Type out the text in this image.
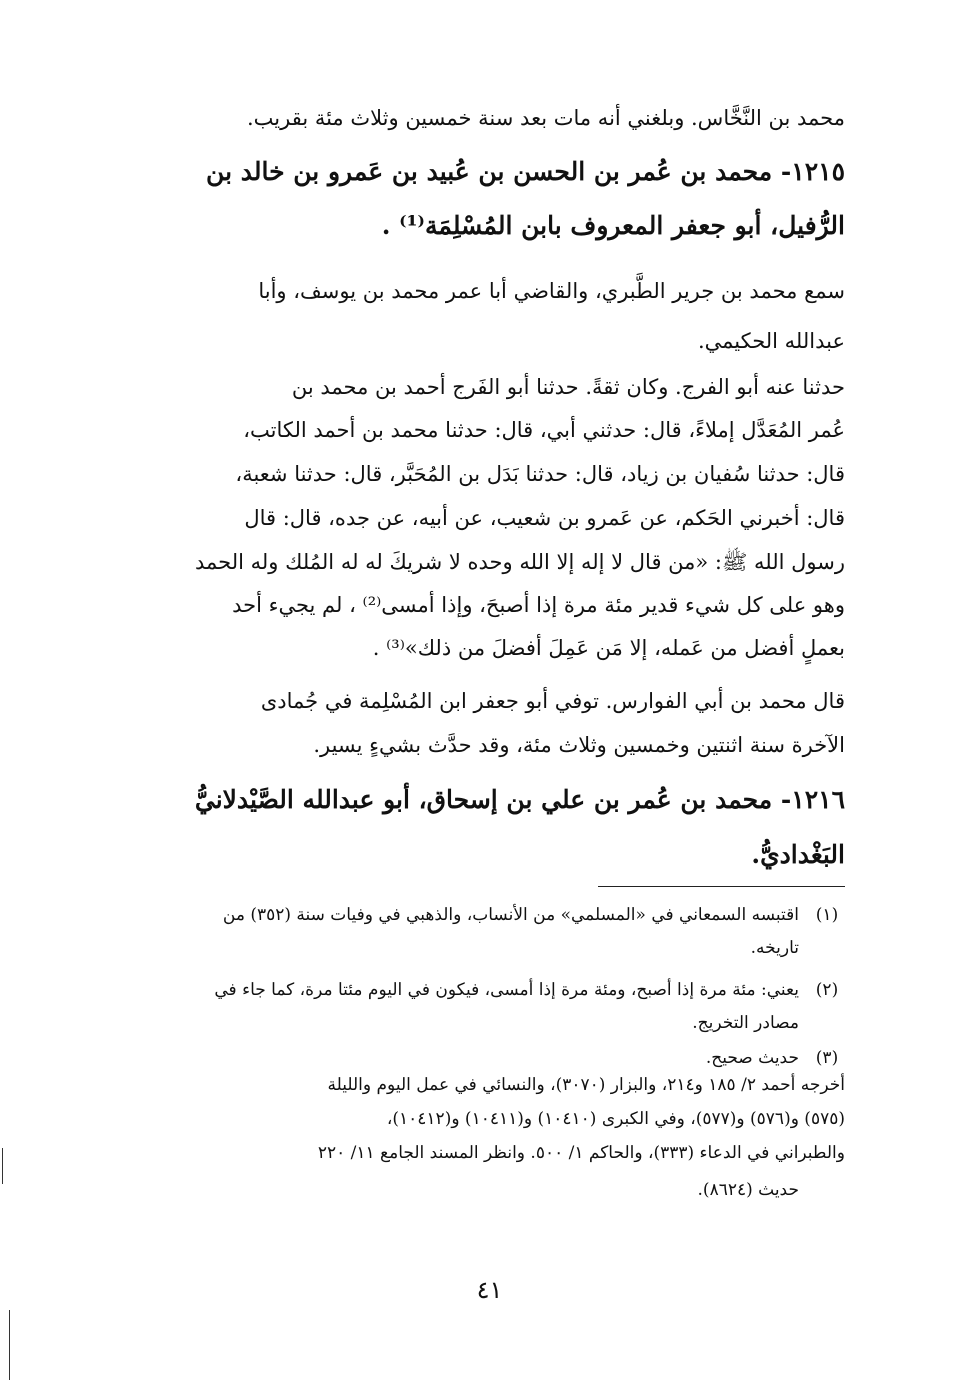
محمد بن النَّخَّاس. وبلغني أنه مات بعد سنة خمسين وثلاث مئة بقريب.
١٢١٥- محمد بن عُمر بن الحسن بن عُبيد بن عَمرو بن خالد بن
الرُّفيل، أبو جعفر المعروف بابن المُسْلِمَة⁽¹⁾ .
سمع محمد بن جرير الطَّبري، والقاضي أبا عمر محمد بن يوسف، وأبا
عبدالله الحكيمي.
حدثنا عنه أبو الفرج. وكان ثقةً. حدثنا أبو الفَرج أحمد بن محمد بن
عُمر المُعَدَّل إملاءً، قال: حدثني أبي، قال: حدثنا محمد بن أحمد الكاتب،
قال: حدثنا سُفيان بن زياد، قال: حدثنا بَدَل بن المُحَبَّر، قال: حدثنا شعبة،
قال: أخبرني الحَكم، عن عَمرو بن شعيب، عن أبيه، عن جده، قال: قال
رسول الله ﷺ: «من قال لا إله إلا الله وحده لا شريكَ له له المُلك وله الحمد
وهو على كل شيء قدير مئة مرة إذا أصبحَ، وإذا أمسى⁽²⁾ ، لم يجيء أحد
بعملٍ أفضل من عَمله، إلا مَن عَمِلَ أفضلَ من ذلك»⁽³⁾ .
قال محمد بن أبي الفوارس. توفي أبو جعفر ابن المُسْلِمة في جُمادى
الآخرة سنة اثنتين وخمسين وثلاث مئة، وقد حدَّث بشيءٍ يسير.
١٢١٦- محمد بن عُمر بن علي بن إسحاق، أبو عبدالله الصَّيْدلانيُّ
البَغْداديُّ.
(١)
اقتبسه السمعاني في «المسلمي» من الأنساب، والذهبي في وفيات سنة (٣٥٢) من
تاريخه.
(٢)
يعني: مئة مرة إذا أصبح، ومئة مرة إذا أمسى، فيكون في اليوم مئتا مرة، كما جاء في
مصادر التخريج.
(٣)
حديث صحيح.
أخرجه أحمد ٢/ ١٨٥ و٢١٤، والبزار (٣٠٧٠)، والنسائي في عمل اليوم والليلة
(٥٧٥) و(٥٧٦) و(٥٧٧)، وفي الكبرى (١٠٤١٠) و(١٠٤١١) و(١٠٤١٢)،
والطبراني في الدعاء (٣٣٣)، والحاكم ١/ ٥٠٠. وانظر المسند الجامع ١١/ ٢٢٠
حديث (٨٦٢٤).
٤١
